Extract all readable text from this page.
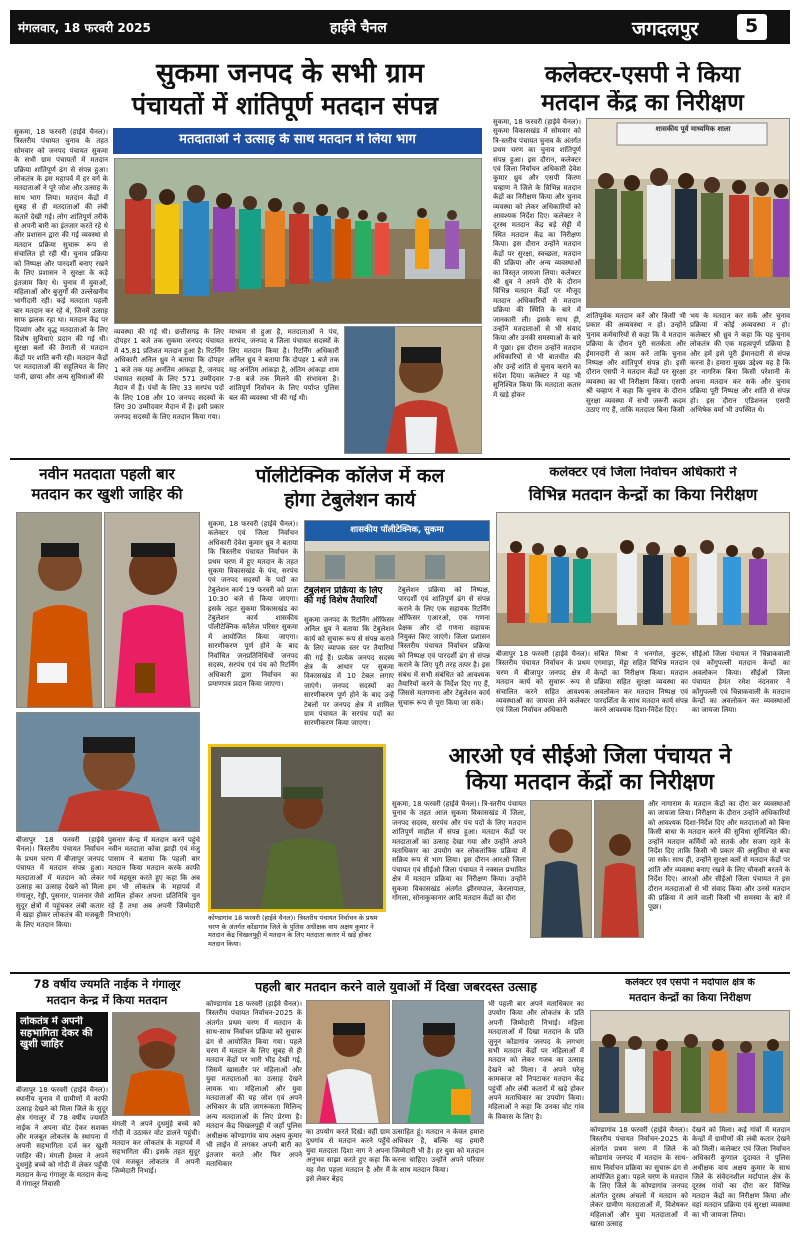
मंगलवार, 18 फरवरी 2025	हाईवे चैनल	जगदलपुर 5
सुकमा जनपद के सभी ग्राम
पंचायतों में शांतिपूर्ण मतदान संपन्न
मतदाताओं ने उत्साह के साथ मतदान में लिया भाग
सुकमा, 18 फरवरी (हाईवे चैनल)। त्रिस्तरीय पंचायत चुनाव के तहत सोमवार को जनपद पंचायत सुकमा के सभी ग्राम पंचायतों में मतदान प्रक्रिया शांतिपूर्ण ढंग से संपन्न हुआ। लोकतंत्र के इस महापर्व में हर वर्ग के मतदाताओं ने पूरे जोश और उत्साह के साथ भाग लिया। मतदान केंद्रों में सुबह से ही मतदाताओं की लंबी कतारें देखी गई। लोग शांतिपूर्ण तरीके से अपनी बारी का इंतजार करते रहे थे और प्रशासन द्वारा की गई व्यवस्था से मतदान प्रक्रिया सुचारू रूप से संचालित हो रही थी। चुनाव प्रक्रिया को निष्पक्ष और पारदर्शी बनाए रखने के लिए प्रशासन ने सुरक्षा के कड़े इंतजाम किए थे। चुनाव में युवाओं, महिलाओं और बुजुर्गों की उल्लेखनीय भागीदारी रही। कई मतदाता पहली बार मतदान कर रहे थे, जिनमें उत्साह साफ झलक रहा था। मतदान केंद्र पर दिव्यांग और वृद्ध मतदाताओं के लिए विशेष सुविधाएं प्रदान की गई थी। सुरक्षा बलों की तैनाती से मतदान केंद्रों पर शांति बनी रही। मतदान केंद्रों पर मतदाताओं की सहूलियत के लिए पानी, छाया और अन्य सुविधाओं की
व्यवस्था की गई थी। छत्तीसगढ़ के लिए दोपहर 1 बजे तक सुकमा जनपद पंचायत में 45.81 प्रतिशत मतदान हुआ है। रिटर्निंग अधिकारी अनिल ध्रुव ने बताया कि दोपहर 1 बजे तक यह अनंतिम आंकड़ा है, जनपद पंचायत सदस्यों के लिए 571 उम्मीदवार मैदान में हैं। पंचों के लिए 33 सरपंच पदों के लिए 108 और 10 जनपद सदस्यों के लिए 30 उम्मीदवार मैदान में हैं। इसी प्रकार जनपद सदस्यों के लिए मतदान किया गया।
माध्यम से हुआ है, मतदाताओं ने पंच, सरपंच, जनपद व जिला पंचायत सदस्यों के लिए मतदान किया है। रिटर्निंग अधिकारी अनिल ध्रुव ने बताया कि दोपहर 1 बजे तक यह अनंतिम आंकड़ा है, अंतिम आंकड़ा शाम 7-8 बजे तक मिलने की संभावना है। शांतिपूर्ण निर्वाचन के लिए पर्याप्त पुलिस बल की व्यवस्था भी की गई थी।
कलेक्टर-एसपी ने किया
मतदान केंद्र का निरीक्षण
सुकमा, 18 फरवरी (हाईवे चैनल)। सुकमा विकासखंड में सोमवार को त्रि-स्तरीय पंचायत चुनाव के अंतर्गत प्रथम चरण का चुनाव शांतिपूर्ण संपन्न हुआ। इस दौरान, कलेक्टर एवं जिला निर्वाचन अधिकारी देवेश कुमार ध्रुव और एसपी किरण चव्हाण ने जिले के विभिन्न मतदान केंद्रों का निरीक्षण किया और चुनाव व्यवस्था को लेकर अधिकारियों को आवश्यक निर्देश दिए। कलेक्टर ने दूरस्थ मतदान केंद्र बड़े सेट्टी में स्थित मतदान केंद्र का निरीक्षण किया। इस दौरान उन्होंने मतदान केंद्रों पर सुरक्षा, स्वच्छता, मतदान की प्रक्रिया और अन्य व्यवस्थाओं का विस्तृत जायजा लिया। कलेक्टर श्री ध्रुव ने अपने दौरे के दौरान विभिन्न मतदान केंद्रों पर मौजूद मतदान अधिकारियों से मतदान प्रक्रिया की स्थिति के बारे में जानकारी ली। इसके साथ ही, उन्होंने मतदाताओं से भी संवाद किया और उनकी समस्याओं के बारे में पूछा। इस दौरान उन्होंने मतदान अधिकारियों से भी बातचीत की और उन्हें शांति से चुनाव कराने का संदेश दिया। कलेक्टर ने यह भी सुनिश्चित किया कि मतदाता कतार में खड़े होकर
शासकीय पूर्व माध्यमिक शाला
शांतिपूर्वक मतदान करें और किसी भी प्रकार की अव्यवस्था न हो। उन्होंने चुनाव कर्मचारियों से कहा कि वे मतदान प्रक्रिया के दौरान पूरी सतर्कता और ईमानदारी से काम करें ताकि चुनाव निष्पक्ष और शांतिपूर्ण संपन्न हो। इसी दौरान एसपी ने मतदान केंद्रों पर सुरक्षा व्यवस्था का भी निरीक्षण किया। एसपी श्री चव्हाण ने कहा कि चुनाव के दौरान सुरक्षा व्यवस्था में सभी जरूरी कदम उठाए गए हैं, ताकि मतदाता बिना किसी
भय के मतदान कर सकें और चुनाव प्रक्रिया में कोई अव्यवस्था न हो। कलेक्टर श्री ध्रुव ने कहा कि यह चुनाव लोकतंत्र की एक महत्वपूर्ण प्रक्रिया है और हमें इसे पूरी ईमानदारी से संपन्न करना है। हमारा मुख्य उद्देश्य यह है कि हर नागरिक बिना किसी परेशानी के अपना मतदान कर सके और चुनाव प्रक्रिया पूरी निष्पक्ष और शांति से संपन्न हो। इस दौरान एडिशनल एसपी अभिषेक वर्मा भी उपस्थित थे।
नवीन मतदाता पहली बार
मतदान कर खुशी जाहिर की
बीजापुर 18 फरवरी (हाईवे चैनल)। त्रिस्तरीय पंचायत निर्वाचन के प्रथम चरण में बीजापुर जनपद पंचायत में मतदान संपन्न हुआ। मतदाताओं में मतदान को लेकर उत्साह का उत्साह देखने को मिला गंगालूर, रेड्डी, पुसनार, पालनार जैसे सुदूर क्षेत्रों में पहुंचकर लंबी कतार में खड़ा होकर लोकतंत्र की मजबूती के लिए मतदान किया।
पुसनार केन्द्र में मतदान करने पहुंचे नवीन मतदाता कोवा झाड़ी एवं मंजु पासाम ने बताया कि पहली बार मतदान किया मतदान करके काफी गर्व महसूस करते हुए कहा कि अब हम भी लोकतंत्र के महापर्व में शामिल होकर अपना प्रतिनिधि चुन रहे हैं तथा अब अपनी जिम्मेदारी निभाएंगे।
पॉलीटेक्निक कॉलेज में कल
होगा टेबुलेशन कार्य
सुकमा, 18 फरवरी (हाईवे चैनल)। कलेक्टर एवं जिला निर्वाचन अधिकारी देवेश कुमार ध्रुव ने बताया कि त्रिस्तरीय पंचायत निर्वाचन के प्रथम चरण में हुए मतदान के तहत सुकमा विकासखंड के पंच, सरपंच एवं जनपद सदस्यों के पदों का टेबुलेशन कार्य 19 फरवरी को प्रातः 10:30 बजे से किया जाएगा। इसके तहत सुकमा विकासखंड का टेबुलेशन कार्य शासकीय पॉलीटेक्निक कॉलेज परिसर सुकमा में आयोजित किया जाएगा। सारणीकरण पूर्ण होने के बाद निर्वाचित जनप्रतिनिधियों जनपद सदस्य, सरपंच एवं पंच को रिटर्निंग अधिकारी द्वारा निर्वाचन का प्रमाणपत्र प्रदान किया जाएगा।
शासकीय पॉलीटेक्निक, सुकमा
टेबुलेशन प्रक्रिया के लिए की गई विशेष तैयारियाँ
सुकमा जनपद के रिटर्निंग ऑफिसर अनिल ध्रुव ने बताया कि टेबुलेशन कार्य को सुचारू रूप से संपन्न कराने के लिए व्यापक स्तर पर तैयारियां की गई हैं। प्रत्येक जनपद सदस्य क्षेत्र के आधार पर सुकमा विकासखंड में 10 टेबल लगाए जाएंगे। जनपद सदस्यों का सारणीकरण पूर्ण होने के बाद उन्हें टेबलों पर जनपद क्षेत्र में शामिल ग्राम पंचायत के सरपंच पदों का सारणीकरण किया जाएगा।
टेबुलेशन प्रक्रिया को निष्पक्ष, पारदर्शी एवं शांतिपूर्ण ढंग से संपन्न कराने के लिए एक सहायक रिटर्निंग ऑफिसर एआरओ, एक गणना प्रेक्षक और दो गणना सहायक नियुक्त किए जाएंगे। जिला प्रशासन त्रिस्तरीय पंचायत निर्वाचन प्रक्रिया को निष्पक्ष एवं पारदर्शी ढंग से संपन्न कराने के लिए पूरी तरह तत्पर है। इस संबंध में सभी संबंधित को आवश्यक तैयारियों करने के निर्देश दिए गए हैं, जिससे मतगणना और टेबुलेशन कार्य सुचारू रूप से पूरा किया जा सके।
कलेक्टर एवं जिला निर्वाचन अधिकारी ने
विभिन्न मतदान केन्द्रों का किया निरीक्षण
बीजापुर 18 फरवरी (हाईवे चैनल)। त्रिस्तरीय पंचायत निर्वाचन के प्रथम चरण में बीजापुर जनपद क्षेत्र में मतदान कार्य को सुचारू रूप से संचालित करने सहित आवश्यक व्यवस्थाओं का जायजा लेने कलेक्टर एवं जिला निर्वाचन अधिकारी
संबित मिश्रा ने धनगोल, कुटरू, एगमाड़ा, मेट्टा सहित विभिन्न मतदान केन्द्रों का निरीक्षण किया। मतदान प्रक्रिया सहित सुरक्षा व्यवस्था का अवलोकन कर मतदान निष्पक्ष एवं पारदर्शिता के साथ मतदान कार्य संपन्न करने आवश्यक दिशा-निर्देश दिए।
सीईओ जिला पंचायत ने चिन्नाकवाली एवं कोंगुपल्ली मतदान केन्द्रों का अवलोकन किया। सीईओ जिला पंचायत हेमंत रमेश नंदनवार ने कोंगुपल्ली एवं चिन्नाकवाली के मतदान केन्द्रों का अवलोकन कर व्यवस्थाओं का जायजा लिया।
आरओ एवं सीईओ जिला पंचायत ने
किया मतदान केंद्रों का निरीक्षण
कोण्डागांव 18 फरवरी (हाईवे चैनल)। त्रिस्तरीय पंचायत निर्वाचन के प्रथम चरण के अंतर्गत कोंडागांव जिले के पुलिस अधीक्षक वाय अक्षय कुमार ने मतदान केंद्र चिखलपुट्टी में मतदान के लिए मतदाता कतार में खड़े होकर मतदान किया।
सुकमा, 18 फरवरी (हाईवे चैनल)। त्रि-स्तरीय पंचायत चुनाव के तहत आज सुकमा विकासखंड में जिला, जनपद सदस्य, सरपंच और पंच पदों के लिए मतदान शांतिपूर्ण माहौल में संपन्न हुआ। मतदान केंद्रों पर मतदाताओं का उत्साह देखा गया और उन्होंने अपने मताधिकार का उपयोग कर लोकतांत्रिक प्रक्रिया में सक्रिय रूप से भाग लिया। इस दौरान आरओ जिला पंचायत एवं सीईओ जिला पंचायत ने नक्सल प्रभावित क्षेत्र में मतदान प्रक्रिया का निरीक्षण किया। उन्होंने सुकमा विकासखंड अंतर्गत झीरमपाल, केरलापाल, गोंगला, सोनाकुकानार आदि मतदान केंद्रों का दौरा
और नागाराम के मतदान केंद्रों का दौरा कर व्यवस्थाओं का जायजा लिया। निरीक्षण के दौरान उन्होंने अधिकारियों को आवश्यक दिशा-निर्देश दिए और मतदाताओं को बिना किसी बाधा के मतदान करने की सुविधा सुनिश्चित की। उन्होंने मतदान कर्मियों को सतर्क और सजग रहने के निर्देश दिए ताकि किसी भी प्रकार की असुविधा से बचा जा सके। साथ ही, उन्होंने सुरक्षा बलों से मतदान केंद्रों पर शांति और व्यवस्था बनाए रखने के लिए चौकसी बरतने के निर्देश दिए। आरओ और सीईओ जिला पंचायत ने इस दौरान मतदाताओं से भी संवाद किया और उनसे मतदान की प्रक्रिया में आने वाली किसी भी समस्या के बारे में पूछा।
78 वर्षीय ज्यमति नाईक ने गंगालूर
मतदान केन्द्र में किया मतदान
लोकतंत्र में अपनी सहभागिता देकर की खुशी जाहिर
बीजापुर 18 फरवरी (हाईवे चैनल)। स्थानीय चुनाव में ग्रामीणों में काफी उत्साह देखने को मिला जिले के सुदूर क्षेत्र गंगालूर में 78 वर्षीय ज्यमति नाईक ने अपना वोट देकर सशक्त और मजबूत लोकतंत्र के स्थापना में अपनी सहभागिता दर्ज कर खुशी जाहिर की। मंगली हेमला ने अपने दुधमुंहे बच्चे को गोदी में लेकर पहुँची मतदान केन्द्र गंगालूर के मतदान केन्द्र में गंगालूर निवासी
मंगली ने अपने दुधमुंहे बच्चे को गोदी में उठाकर वोट डालने पहुंची। मतदान कर लोकतंत्र के महापर्व में सहभागिता की। इसके तहत सुदूर एवं मजबूत लोकतंत्र में अपनी जिम्मेदारी निभाई।
पहली बार मतदान करने वाले युवाओं में दिखा जबरदस्त उत्साह
कोण्डागांव 18 फरवरी (हाईवे चैनल)। त्रिस्तरीय पंचायत निर्वाचन-2025 के अंतर्गत प्रथम चरण में मतदान के साथ-साथ निर्वाचन प्रक्रिया को सुचारू ढंग से आयोजित किया गया। पहले चरण में मतदान के लिए सुबह से ही मतदान केंद्रों पर भारी भीड़ देखी गई, जिसमें खासतौर पर महिलाओं और युवा मतदाताओं का उत्साह देखने लायक था। महिलाओं और युवा मतदाताओं की यह जोश एवं अपने अधिकार के प्रति जागरूकता मिलिन्द अन्य मतदाताओं के लिए प्रेरणा है। मतदान केंद्र चिखलपुट्टी में जहाँ पुलिस अधीक्षक कोण्डागांव वाय अक्षय कुमार भी लाईन में लगकर अपनी बारी का इंतजार करते और फिर अपने मताधिकार
का उपयोग करते दिखे। वहीं ग्राम दुधगांव से मतदान करने पहुँचे युवा मतदाता दिशा नाग ने अपना अनुभव साझा करते हुए कहा कि यह मेरा पहला मतदान है और मैं इसे लेकर बेहद
उत्साहित हूं। मतदान न केवल हमारा अधिकार है, बल्कि यह हमारी जिम्मेदारी भी है। हर युवा को मतदान करना चाहिए। उन्होंने अपने परिवार के साथ मतदान किया।
भी पहली बार अपने मताधिकार का उपयोग किया और लोकतंत्र के प्रति अपनी जिम्मेदारी निभाई। महिला मतदाताओं में दिखा मतदान के प्रति जुनून कोंडागांव जनपद के लगभग सभी मतदान केंद्रों पर महिलाओं में मतदान को लेकर गजब का उत्साह देखने को मिला। वे अपने घरेलू कामकाज को निपटाकर मतदान केंद्र पहुंचीं और लंबी कतारों में खड़े होकर अपने मताधिकार का उपयोग किया। महिलाओं ने कहा कि उनका वोट गांव के विकास के लिए है।
कलेक्टर एवं एसपी ने मर्दापाल क्षेत्र के
मतदान केन्द्रों का किया निरीक्षण
कोण्डागांव 18 फरवरी (हाईवे चैनल)। त्रिस्तरीय पंचायत निर्वाचन-2025 के अंतर्गत प्रथम चरण में जिले के कोंडागांव जनपद में मतदान के साथ-साथ निर्वाचन प्रक्रिया का सुचारू ढंग से आयोजित हुआ। पहले चरण के मतदान के लिए जिले के कोण्डागांव जनपद अंतर्गत दुरस्थ अंचलों में मतदान को लेकर ग्रामीण मतदाताओं में, विशेषकर महिलाओं और युवा मतदाताओं में खासा उत्साह
देखने को मिला। कई गांवों में मतदान केन्द्रों में ग्रामीणों की लंबी कतार देखने को मिली। कलेक्टर एवं जिला निर्वाचन अधिकारी कुणाल दुदावत ने पुलिस अधीक्षक वाय अक्षय कुमार के साथ जिले के संवेदनशील मर्दापाल क्षेत्र के दूरस्थ गांवों का दौरा कर विभिन्न मतदान केंद्रों का निरीक्षण किया और वहां मतदान प्रक्रिया एवं सुरक्षा व्यवस्था का भी जायजा लिया।
